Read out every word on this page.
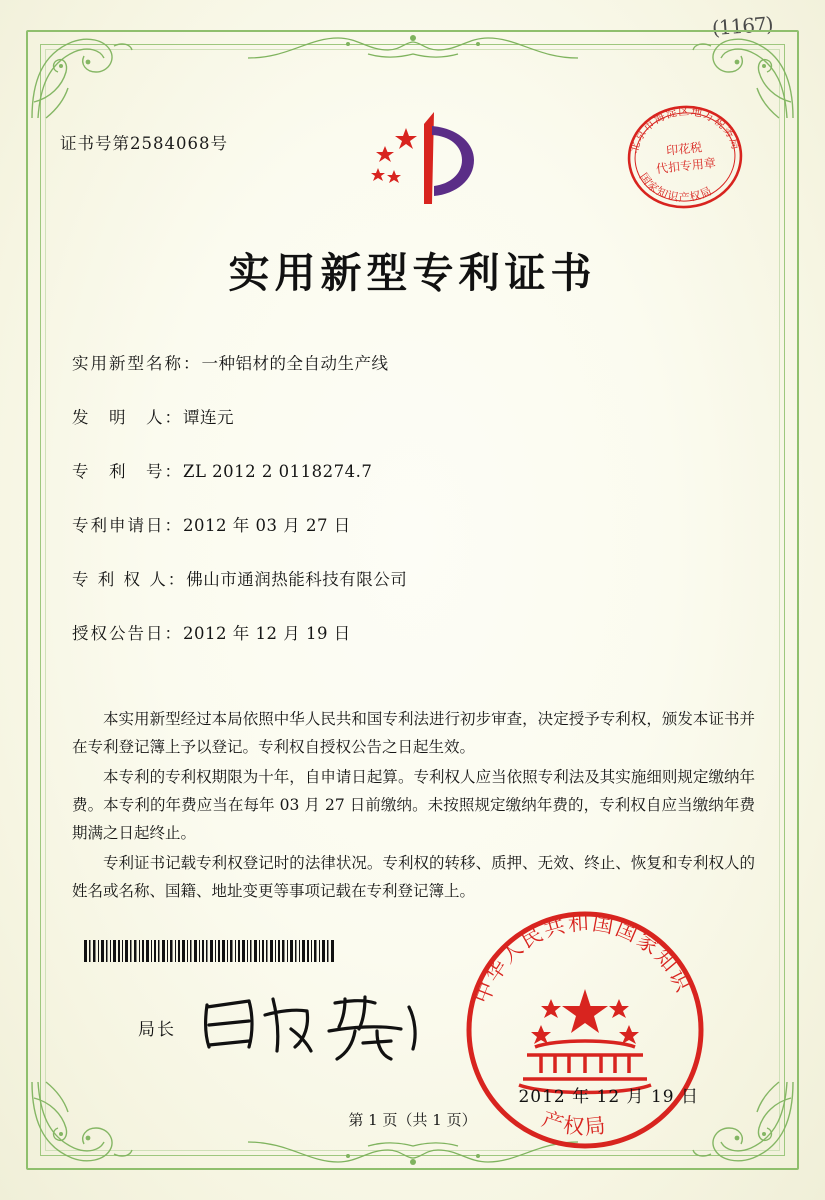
(1167)
证书号第2584068号	北京市海淀区地方税务局
国家知识产权局
印花税
代扣专用章
实用新型专利证书
实用新型名称：一种铝材的全自动生产线
发　明　人：谭连元
专　利　号：ZL 2012 2 0118274.7
专利申请日：2012 年 03 月 27 日
专 利 权 人：佛山市通润热能科技有限公司
授权公告日：2012 年 12 月 19 日

本实用新型经过本局依照中华人民共和国专利法进行初步审查，决定授予专利权，颁发本证书并在专利登记簿上予以登记。专利权自授权公告之日起生效。

本专利的专利权期限为十年，自申请日起算。专利权人应当依照专利法及其实施细则规定缴纳年费。本专利的年费应当在每年 03 月 27 日前缴纳。未按照规定缴纳年费的，专利权自应当缴纳年费期满之日起终止。

专利证书记载专利权登记时的法律状况。专利权的转移、质押、无效、终止、恢复和专利权人的姓名或名称、国籍、地址变更等事项记载在专利登记簿上。

局长
中华人民共和国国家知识
产权局
2012 年 12 月 19 日
第 1 页（共 1 页）
